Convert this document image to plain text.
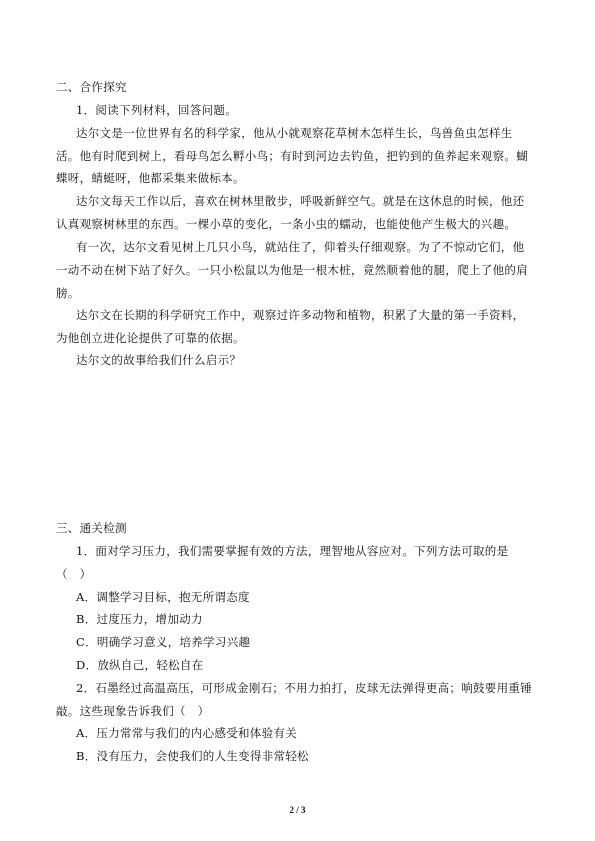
二、合作探究
1．阅读下列材料，回答问题。
达尔文是一位世界有名的科学家，他从小就观察花草树木怎样生长，鸟兽鱼虫怎样生
活。他有时爬到树上，看母鸟怎么孵小鸟；有时到河边去钓鱼，把钓到的鱼养起来观察。蝴
蝶呀，蜻蜓呀，他都采集来做标本。
达尔文每天工作以后，喜欢在树林里散步，呼吸新鲜空气。就是在这休息的时候，他还
认真观察树林里的东西。一棵小草的变化，一条小虫的蠕动，也能使他产生极大的兴趣。
有一次，达尔文看见树上几只小鸟，就站住了，仰着头仔细观察。为了不惊动它们，他
一动不动在树下站了好久。一只小松鼠以为他是一根木桩，竟然顺着他的腿，爬上了他的肩
膀。
达尔文在长期的科学研究工作中，观察过许多动物和植物，积累了大量的第一手资料，
为他创立进化论提供了可靠的依据。
达尔文的故事给我们什么启示？
三、通关检测
1．面对学习压力，我们需要掌握有效的方法，理智地从容应对。下列方法可取的是
（　）
A．调整学习目标，抱无所谓态度
B．过度压力，增加动力
C．明确学习意义，培养学习兴趣
D．放纵自己，轻松自在
2．石墨经过高温高压，可形成金刚石；不用力拍打，皮球无法弹得更高；响鼓要用重锤
敲。这些现象告诉我们（　）
A．压力常常与我们的内心感受和体验有关
B．没有压力，会使我们的人生变得非常轻松
2 / 3
